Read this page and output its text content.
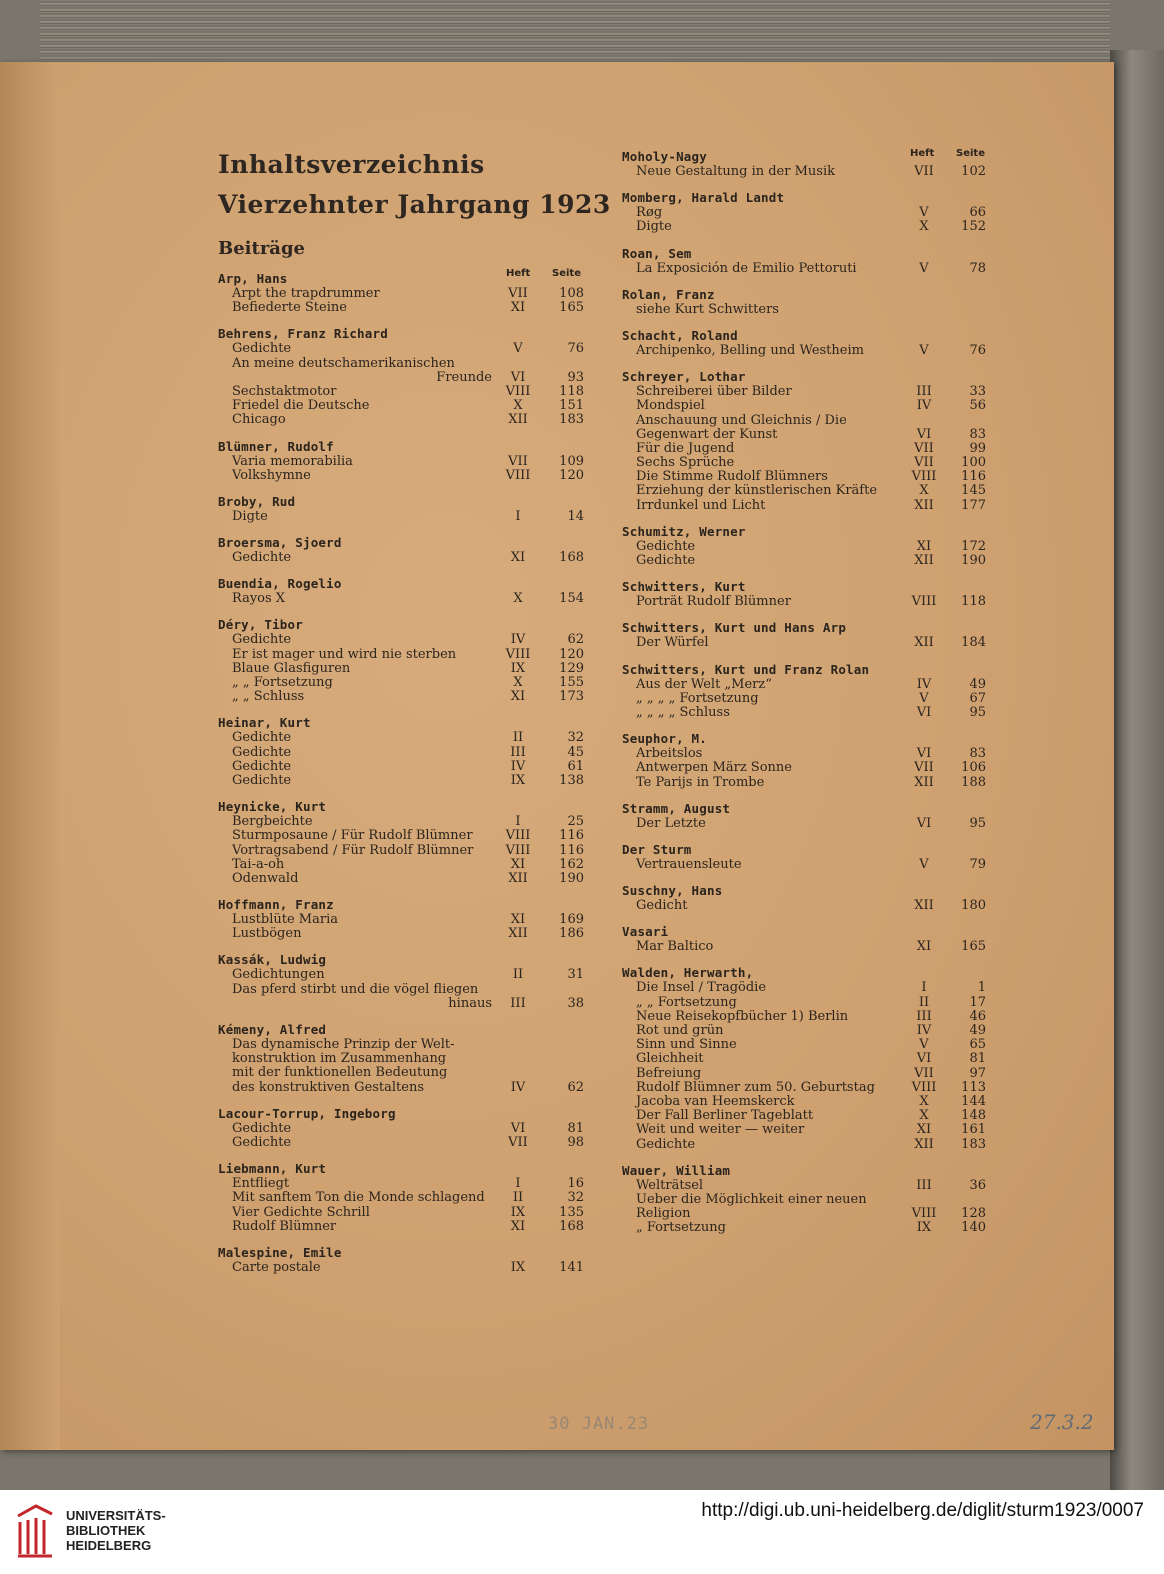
Inhaltsverzeichnis
Vierzehnter Jahrgang 1923
Beiträge
Heft Seite
Heft Seite
Arp, Hans
Arpt the trapdrummer	VII	108
Befiederte Steine	XI	165
Behrens, Franz Richard
Gedichte	V	76
An meine deutschamerikanischen
Freunde	VI	93
Sechstaktmotor	VIII	118
Friedel die Deutsche	X	151
Chicago	XII	183
Blümner, Rudolf
Varia memorabilia	VII	109
Volkshymne	VIII	120
Broby, Rud
Digte	I	14
Broersma, Sjoerd
Gedichte	XI	168
Buendia, Rogelio
Rayos X	X	154
Déry, Tibor
Gedichte	IV	62
Er ist mager und wird nie sterben	VIII	120
Blaue Glasfiguren	IX	129
„ „ Fortsetzung	X	155
„ „ Schluss	XI	173
Heinar, Kurt
Gedichte	II	32
Gedichte	III	45
Gedichte	IV	61
Gedichte	IX	138
Heynicke, Kurt
Bergbeichte	I	25
Sturmposaune / Für Rudolf Blümner	VIII	116
Vortragsabend / Für Rudolf Blümner	VIII	116
Tai-a-oh	XI	162
Odenwald	XII	190
Hoffmann, Franz
Lustblüte Maria	XI	169
Lustbögen	XII	186
Kassák, Ludwig
Gedichtungen	II	31
Das pferd stirbt und die vögel fliegen
hinaus	III	38
Kémeny, Alfred
Das dynamische Prinzip der Welt-
konstruktion im Zusammenhang
mit der funktionellen Bedeutung
des konstruktiven Gestaltens	IV	62
Lacour-Torrup, Ingeborg
Gedichte	VI	81
Gedichte	VII	98
Liebmann, Kurt
Entfliegt	I	16
Mit sanftem Ton die Monde schlagend	II	32
Vier Gedichte Schrill	IX	135
Rudolf Blümner	XI	168
Malespine, Emile
Carte postale	IX	141
Moholy-Nagy
Neue Gestaltung in der Musik	VII	102
Momberg, Harald Landt
Røg	V	66
Digte	X	152
Roan, Sem
La Exposición de Emilio Pettoruti	V	78
Rolan, Franz
siehe Kurt Schwitters
Schacht, Roland
Archipenko, Belling und Westheim	V	76
Schreyer, Lothar
Schreiberei über Bilder	III	33
Mondspiel	IV	56
Anschauung und Gleichnis / Die
Gegenwart der Kunst	VI	83
Für die Jugend	VII	99
Sechs Sprüche	VII	100
Die Stimme Rudolf Blümners	VIII	116
Erziehung der künstlerischen Kräfte	X	145
Irrdunkel und Licht	XII	177
Schumitz, Werner
Gedichte	XI	172
Gedichte	XII	190
Schwitters, Kurt
Porträt Rudolf Blümner	VIII	118
Schwitters, Kurt und Hans Arp
Der Würfel	XII	184
Schwitters, Kurt und Franz Rolan
Aus der Welt „Merz“	IV	49
„ „ „ „ Fortsetzung	V	67
„ „ „ „ Schluss	VI	95
Seuphor, M.
Arbeitslos	VI	83
Antwerpen März Sonne	VII	106
Te Parijs in Trombe	XII	188
Stramm, August
Der Letzte	VI	95
Der Sturm
Vertrauensleute	V	79
Suschny, Hans
Gedicht	XII	180
Vasari
Mar Baltico	XI	165
Walden, Herwarth,
Die Insel / Tragödie	I	1
„ „ Fortsetzung	II	17
Neue Reisekopfbücher 1) Berlin	III	46
Rot und grün	IV	49
Sinn und Sinne	V	65
Gleichheit	VI	81
Befreiung	VII	97
Rudolf Blümner zum 50. Geburtstag	VIII	113
Jacoba van Heemskerck	X	144
Der Fall Berliner Tageblatt	X	148
Weit und weiter — weiter	XI	161
Gedichte	XII	183
Wauer, William
Welträtsel	III	36
Ueber die Möglichkeit einer neuen
Religion	VIII	128
„ Fortsetzung	IX	140
30 JAN.23	27.3.2
UNIVERSITÄTS-
BIBLIOTHEK
HEIDELBERG
http://digi.ub.uni-heidelberg.de/diglit/sturm1923/0007
